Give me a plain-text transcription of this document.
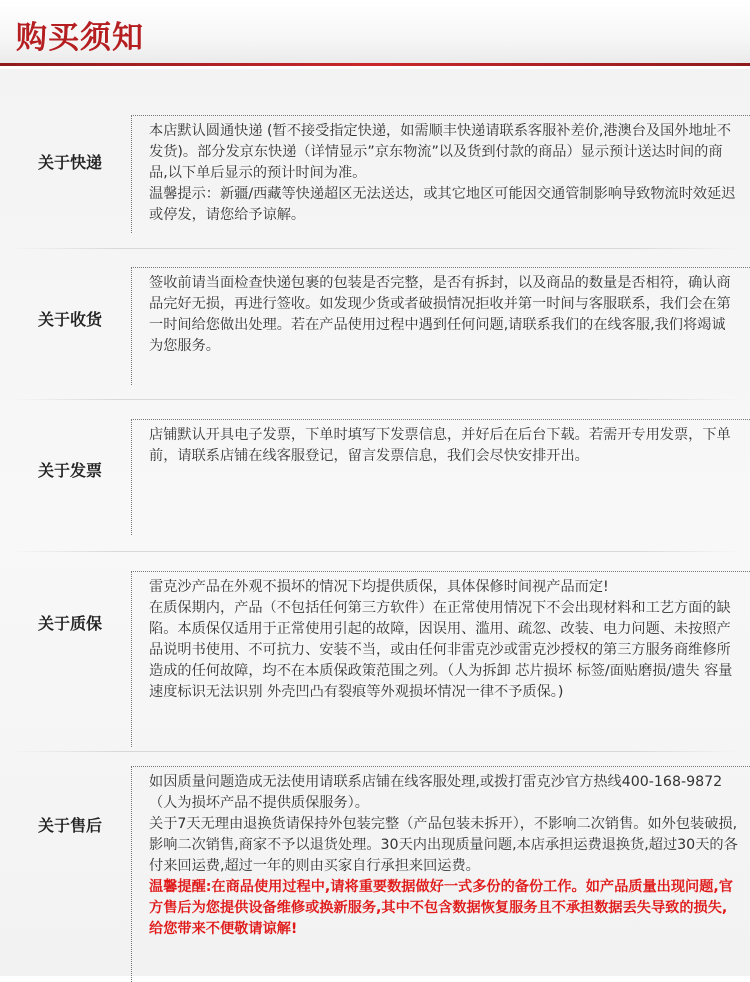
购买须知
关于快递

本店默认圆通快递 (暂不接受指定快递，如需顺丰快递请联系客服补差价,港澳台及国外地址不发货)。部分发京东快递（详情显示”京东物流”以及货到付款的商品）显示预计送达时间的商品,以下单后显示的预计时间为准。

温馨提示：新疆/西藏等快递超区无法送达，或其它地区可能因交通管制影响导致物流时效延迟或停发，请您给予谅解。

关于收货

签收前请当面检查快递包裹的包装是否完整，是否有拆封，以及商品的数量是否相符，确认商品完好无损，再进行签收。如发现少货或者破损情况拒收并第一时间与客服联系，我们会在第一时间给您做出处理。若在产品使用过程中遇到任何问题,请联系我们的在线客服,我们将竭诚为您服务。

关于发票

店铺默认开具电子发票，下单时填写下发票信息，并好后在后台下载。若需开专用发票，下单前，请联系店铺在线客服登记，留言发票信息，我们会尽快安排开出。

关于质保

雷克沙产品在外观不损坏的情况下均提供质保，具体保修时间视产品而定!

在质保期内，产品（不包括任何第三方软件）在正常使用情况下不会出现材料和工艺方面的缺陷。本质保仅适用于正常使用引起的故障，因误用、滥用、疏忽、改装、电力问题、未按照产品说明书使用、不可抗力、安装不当，或由任何非雷克沙或雷克沙授权的第三方服务商维修所造成的任何故障，均不在本质保政策范围之列。（人为拆卸 芯片损坏 标签/面贴磨损/遗失 容量速度标识无法识别 外壳凹凸有裂痕等外观损坏情况一律不予质保。)

关于售后

如因质量问题造成无法使用请联系店铺在线客服处理,或拨打雷克沙官方热线400-168-9872（人为损坏产品不提供质保服务）。

关于7天无理由退换货请保持外包装完整（产品包装未拆开），不影响二次销售。如外包装破损,影响二次销售,商家不予以退货处理。30天内出现质量问题,本店承担运费退换货,超过30天的各付来回运费,超过一年的则由买家自行承担来回运费。

温馨提醒:在商品使用过程中,请将重要数据做好一式多份的备份工作。如产品质量出现问题,官方售后为您提供设备维修或换新服务,其中不包含数据恢复服务且不承担数据丢失导致的损失,给您带来不便敬请谅解!
